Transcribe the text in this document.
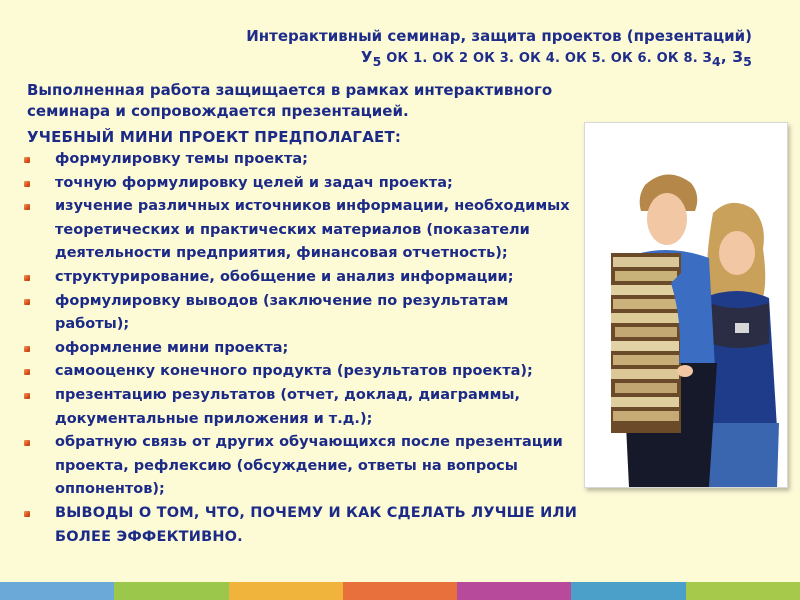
Интерактивный семинар, защита проектов (презентаций)
$У_5$ ОК 1. ОК 2 ОК 3. ОК 4. ОК 5. ОК 6. ОК 8. $З_4$, $З_5$
Выполненная работа защищается в рамках интерактивного семинара и сопровождается презентацией.
УЧЕБНЫЙ МИНИ ПРОЕКТ ПРЕДПОЛАГАЕТ:
формулировку темы проекта;
точную формулировку целей и задач проекта;
изучение различных источников информации, необходимых теоретических и практических материалов (показатели деятельности предприятия, финансовая отчетность);
структурирование, обобщение и анализ информации;
формулировку выводов (заключение по результатам работы);
оформление мини проекта;
самооценку конечного продукта (результатов проекта);
презентацию результатов (отчет, доклад, диаграммы, документальные приложения и т.д.);
обратную связь от других обучающихся после презентации проекта, рефлексию (обсуждение, ответы на вопросы оппонентов);
ВЫВОДЫ О ТОМ, ЧТО, ПОЧЕМУ И КАК СДЕЛАТЬ ЛУЧШЕ ИЛИ БОЛЕЕ ЭФФЕКТИВНО.
